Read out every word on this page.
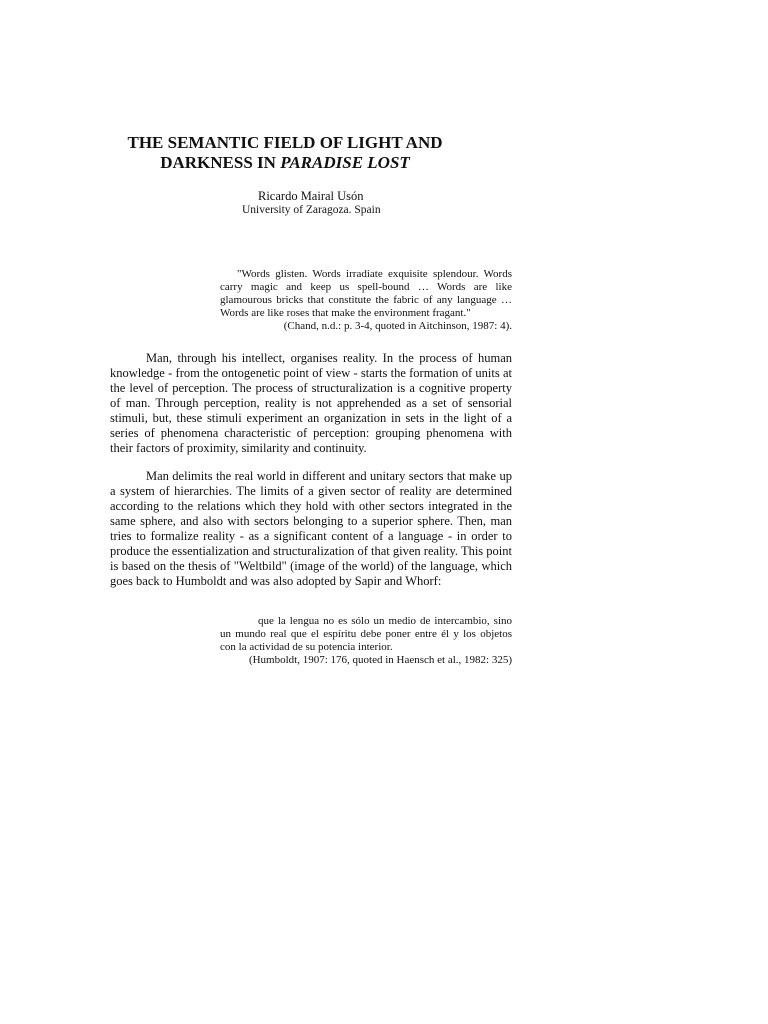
THE SEMANTIC FIELD OF LIGHT AND
DARKNESS IN PARADISE LOST

Ricardo Mairal Usón

University of Zaragoza. Spain

"Words glisten. Words irradiate exquisite splendour. Words carry magic and keep us spell-bound … Words are like glamourous bricks that constitute the fabric of any language … Words are like roses that make the environment fragant."

(Chand, n.d.: p. 3-4, quoted in Aitchinson, 1987: 4).

Man, through his intellect, organises reality. In the process of human knowledge - from the ontogenetic point of view - starts the formation of units at the level of perception. The process of structuralization is a cognitive property of man. Through perception, reality is not apprehended as a set of sensorial stimuli, but, these stimuli experiment an organization in sets in the light of a series of phenomena characteristic of perception: grouping phenomena with their factors of proximity, similarity and continuity.

Man delimits the real world in different and unitary sectors that make up a system of hierarchies. The limits of a given sector of reality are determined according to the relations which they hold with other sectors integrated in the same sphere, and also with sectors belonging to a superior sphere. Then, man tries to formalize reality - as a significant content of a language - in order to produce the essentialization and structuralization of that given reality. This point is based on the thesis of "Weltbild" (image of the world) of the language, which goes back to Humboldt and was also adopted by Sapir and Whorf:

que la lengua no es sólo un medio de intercambio, sino un mundo real que el espíritu debe poner entre él y los objetos con la actividad de su potencia interior.

(Humboldt, 1907: 176, quoted in Haensch et al., 1982: 325)
